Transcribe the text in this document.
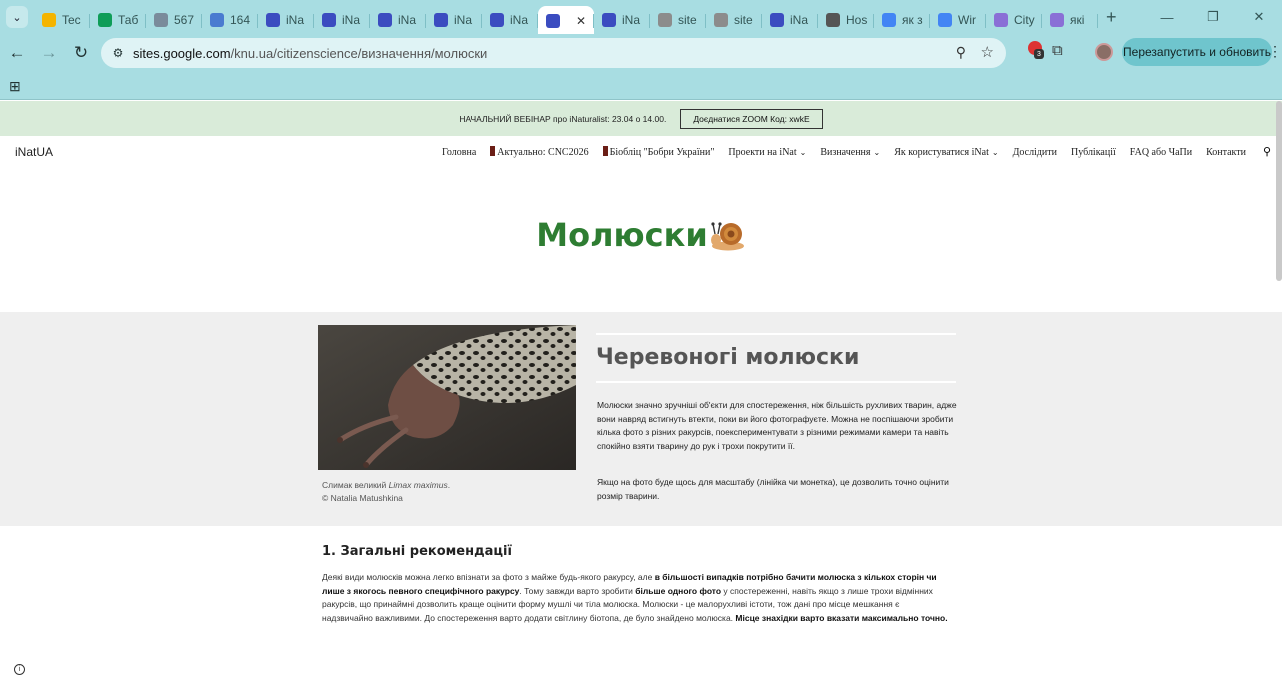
⌄	Tec	Таб	567	164	iNa	iNa	iNa	iNa	iNa	✕	iNa	site	site	iNa	Hos	як з	Wir	City	які	+	—	❐	✕
← → ↻	⚙ sites.google.com/knu.ua/citizenscience/визначення/молюски	⚲ ☆	3 ⧉	Перезапустить и обновить
⋮
⊞
НАЧАЛЬНИЙ ВЕБІНАР про iNaturalist: 23.04 о 14.00.	Доєднатися ZOOM Код: xwkE
iNatUA	Головна	Актуально: CNC2026	Біобліц "Бобри України" Проекти на iNat ⌄ Визначення ⌄ Як користуватися iNat ⌄ Дослідити Публікації FAQ або ЧаПи Контакти ⚲
Молюски
Слимак великий Limax maximus.
© Natalia Matushkina
Черевоногі молюски
Молюски значно зручніші об'єкти для спостереження, ніж більшість рухливих тварин, адже вони навряд встигнуть втекти, поки ви його фотографуєте. Можна не поспішаючи зробити кілька фото з різних ракурсів, поекспериментувати з різними режимами камери та навіть спокійно взяти тварину до рук і трохи покрутити її.
Якщо на фото буде щось для масштабу (лінійка чи монетка), це дозволить точно оцінити розмір тварини.
1. Загальні рекомендації
Деякі види молюсків можна легко впізнати за фото з майже будь-якого ракурсу, але в більшості випадків потрібно бачити молюска з кількох сторін чи лише з якогось певного специфічного ракурсу. Тому завжди варто зробити більше одного фото у спостереженні, навіть якщо з лише трохи відмінних ракурсів, що принаймні дозволить краще оцінити форму мушлі чи тіла молюска. Молюски - це малорухливі істоти, тож дані про місце мешкання є надзвичайно важливими. До спостереження варто додати світлину біотопа, де було знайдено молюска. Місце знахідки варто вказати максимально точно.
i
